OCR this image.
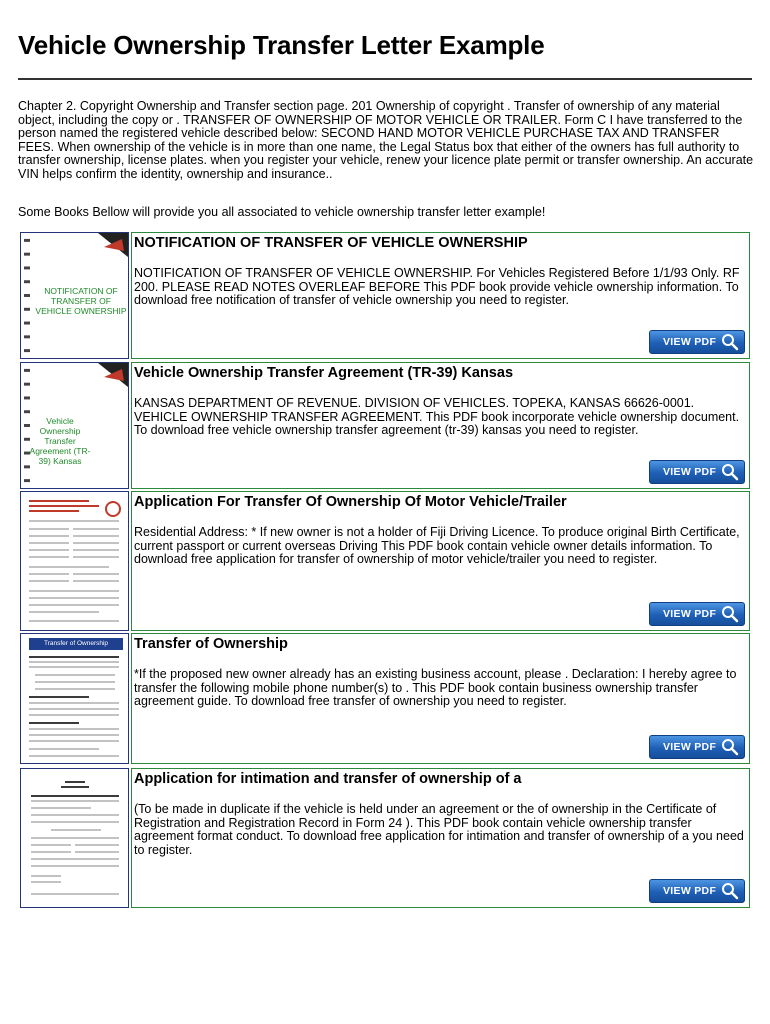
Vehicle Ownership Transfer Letter Example
Chapter 2. Copyright Ownership and Transfer section page. 201 Ownership of copyright . Transfer of ownership of any material object, including the copy or . TRANSFER OF OWNERSHIP OF MOTOR VEHICLE OR TRAILER. Form C I have transferred to the person named the registered vehicle described below: SECOND HAND MOTOR VEHICLE PURCHASE TAX AND TRANSFER FEES. When ownership of the vehicle is in more than one name, the Legal Status box that either of the owners has full authority to transfer ownership, license plates. when you register your vehicle, renew your licence plate permit or transfer ownership. An accurate VIN helps confirm the identity, ownership and insurance..
Some Books Bellow will provide you all associated to vehicle ownership transfer letter example!
NOTIFICATION OF TRANSFER OF VEHICLE OWNERSHIP
NOTIFICATION OF TRANSFER OF VEHICLE OWNERSHIP
NOTIFICATION OF TRANSFER OF VEHICLE OWNERSHIP. For Vehicles Registered Before 1/1/93 Only. RF 200. PLEASE READ NOTES OVERLEAF BEFORE This PDF book provide vehicle ownership information. To download free notification of transfer of vehicle ownership you need to register.
VIEW PDF
Vehicle Ownership Transfer Agreement (TR-39) Kansas
Vehicle Ownership Transfer Agreement (TR-39) Kansas
KANSAS DEPARTMENT OF REVENUE. DIVISION OF VEHICLES. TOPEKA, KANSAS 66626-0001. VEHICLE OWNERSHIP TRANSFER AGREEMENT. This PDF book incorporate vehicle ownership document. To download free vehicle ownership transfer agreement (tr-39) kansas you need to register.
VIEW PDF
Application For Transfer Of Ownership Of Motor Vehicle/Trailer
Residential Address: * If new owner is not a holder of Fiji Driving Licence. To produce original Birth Certificate, current passport or current overseas Driving This PDF book contain vehicle owner details information. To download free application for transfer of ownership of motor vehicle/trailer you need to register.
VIEW PDF
Transfer of Ownership	Transfer of Ownership
*If the proposed new owner already has an existing business account, please . Declaration: I hereby agree to transfer the following mobile phone number(s) to . This PDF book contain business ownership transfer agreement guide. To download free transfer of ownership you need to register.
VIEW PDF
Application for intimation and transfer of ownership of a
(To be made in duplicate if the vehicle is held under an agreement or the of ownership in the Certificate of Registration and Registration Record in Form 24 ). This PDF book contain vehicle ownership transfer agreement format conduct. To download free application for intimation and transfer of ownership of a you need to register.
VIEW PDF
